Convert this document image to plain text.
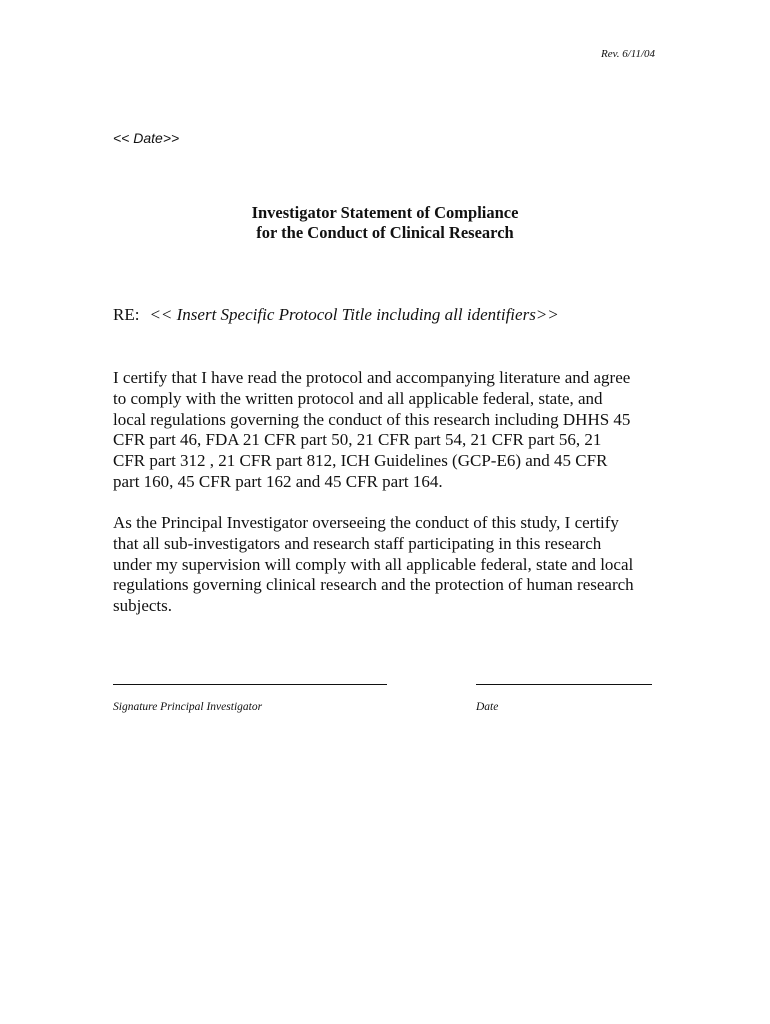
Rev. 6/11/04
<< Date>>
Investigator Statement of Compliance
for the Conduct of Clinical Research
RE: << Insert Specific Protocol Title including all identifiers>>
I certify that I have read the protocol and accompanying literature and agree
to comply with the written protocol and all applicable federal, state, and
local regulations governing the conduct of this research including DHHS 45
CFR part 46, FDA 21 CFR part 50, 21 CFR part 54, 21 CFR part 56, 21
CFR part 312 , 21 CFR part 812, ICH Guidelines (GCP-E6) and 45 CFR
part 160, 45 CFR part 162 and 45 CFR part 164.
As the Principal Investigator overseeing the conduct of this study, I certify
that all sub-investigators and research staff participating in this research
under my supervision will comply with all applicable federal, state and local
regulations governing clinical research and the protection of human research
subjects.
Signature Principal Investigator	Date
